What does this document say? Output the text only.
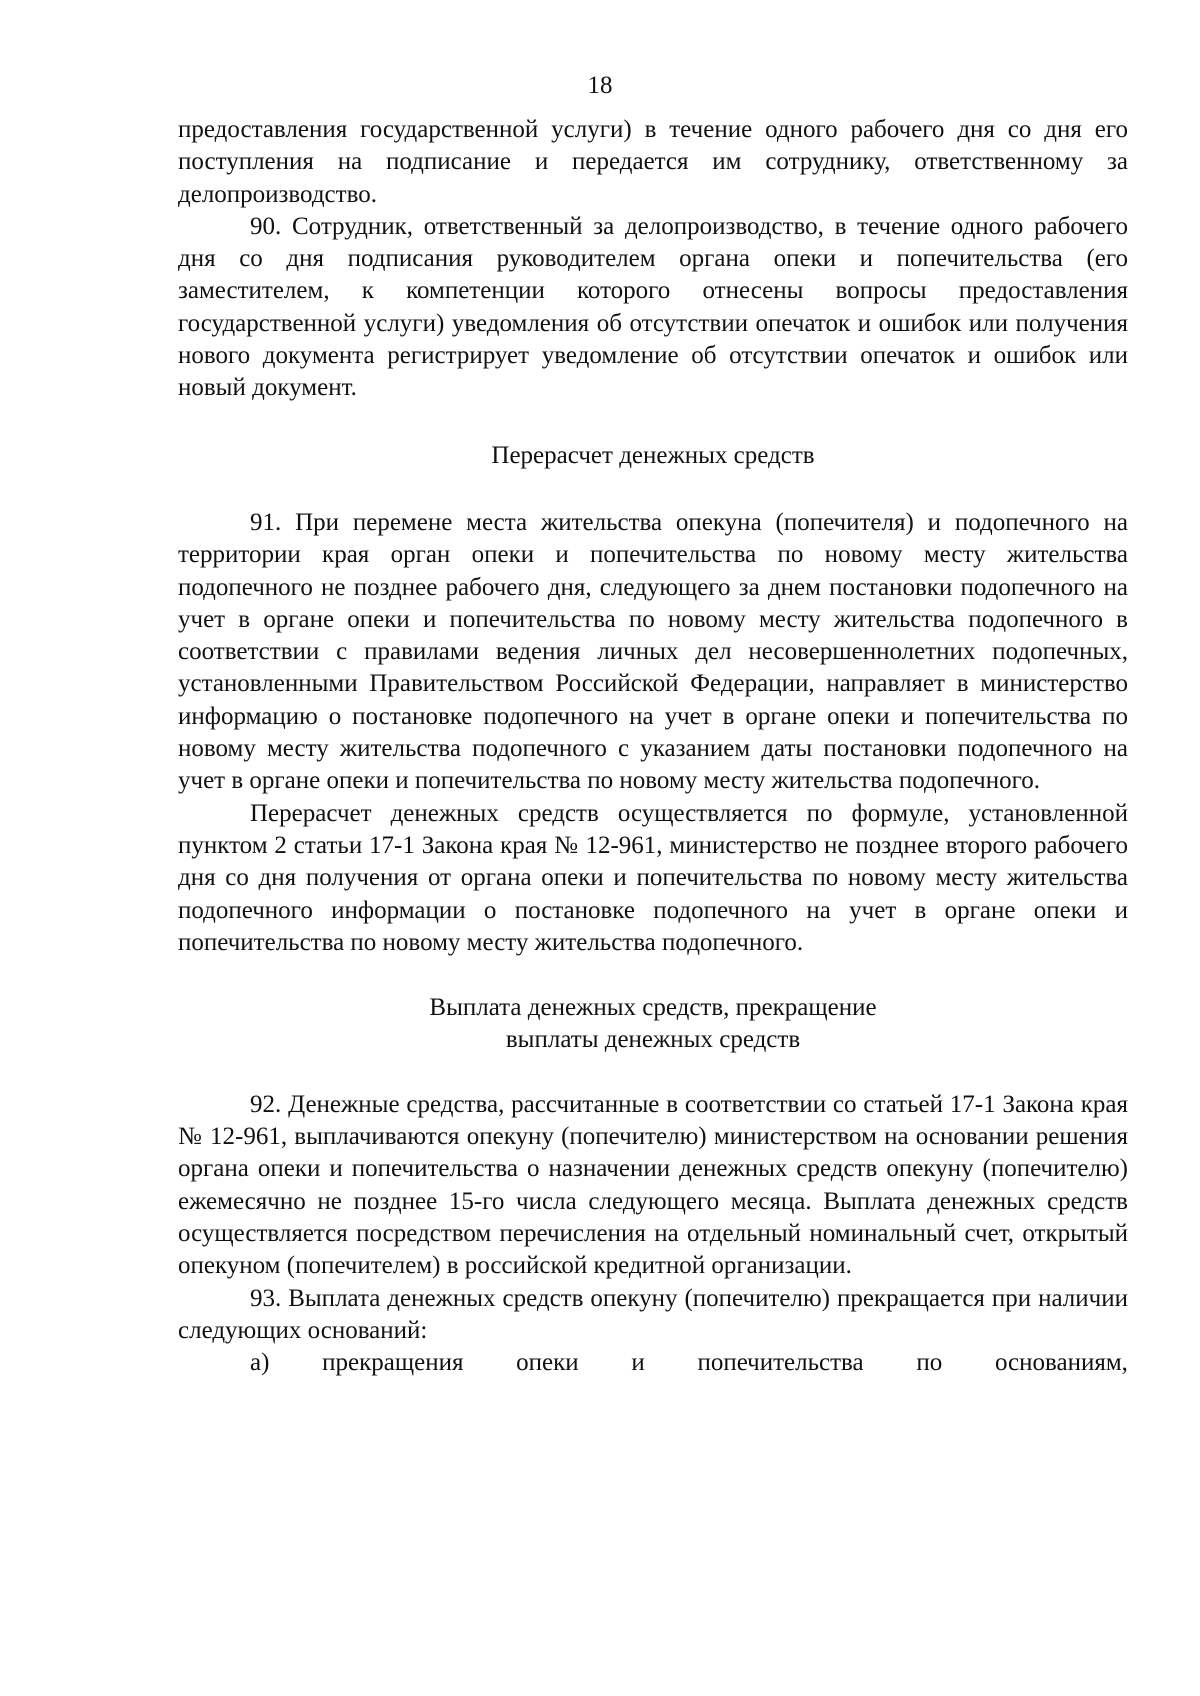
18

предоставления государственной услуги) в течение одного рабочего дня со дня его поступления на подписание и передается им сотруднику, ответственному за делопроизводство.

90. Сотрудник, ответственный за делопроизводство, в течение одного рабочего дня со дня подписания руководителем органа опеки и попечительства (его заместителем, к компетенции которого отнесены вопросы предоставления государственной услуги) уведомления об отсутствии опечаток и ошибок или получения нового документа регистрирует уведомление об отсутствии опечаток и ошибок или новый документ.

Перерасчет денежных средств

91. При перемене места жительства опекуна (попечителя) и подопечного на территории края орган опеки и попечительства по новому месту жительства подопечного не позднее рабочего дня, следующего за днем постановки подопечного на учет в органе опеки и попечительства по новому месту жительства подопечного в соответствии с правилами ведения личных дел несовершеннолетних подопечных, установленными Правительством Российской Федерации, направляет в министерство информацию о постановке подопечного на учет в органе опеки и попечительства по новому месту жительства подопечного с указанием даты постановки подопечного на учет в органе опеки и попечительства по новому месту жительства подопечного.

Перерасчет денежных средств осуществляется по формуле, установленной пунктом 2 статьи 17-1 Закона края № 12-961, министерство не позднее второго рабочего дня со дня получения от органа опеки и попечительства по новому месту жительства подопечного информации о постановке подопечного на учет в органе опеки и попечительства по новому месту жительства подопечного.

Выплата денежных средств, прекращение

выплаты денежных средств

92. Денежные средства, рассчитанные в соответствии со статьей 17-1 Закона края № 12-961, выплачиваются опекуну (попечителю) министерством на основании решения органа опеки и попечительства о назначении денежных средств опекуну (попечителю) ежемесячно не позднее 15-го числа следующего месяца. Выплата денежных средств осуществляется посредством перечисления на отдельный номинальный счет, открытый опекуном (попечителем) в российской кредитной организации.

93. Выплата денежных средств опекуну (попечителю) прекращается при наличии следующих оснований:

а) прекращения опеки и попечительства по основаниям,
